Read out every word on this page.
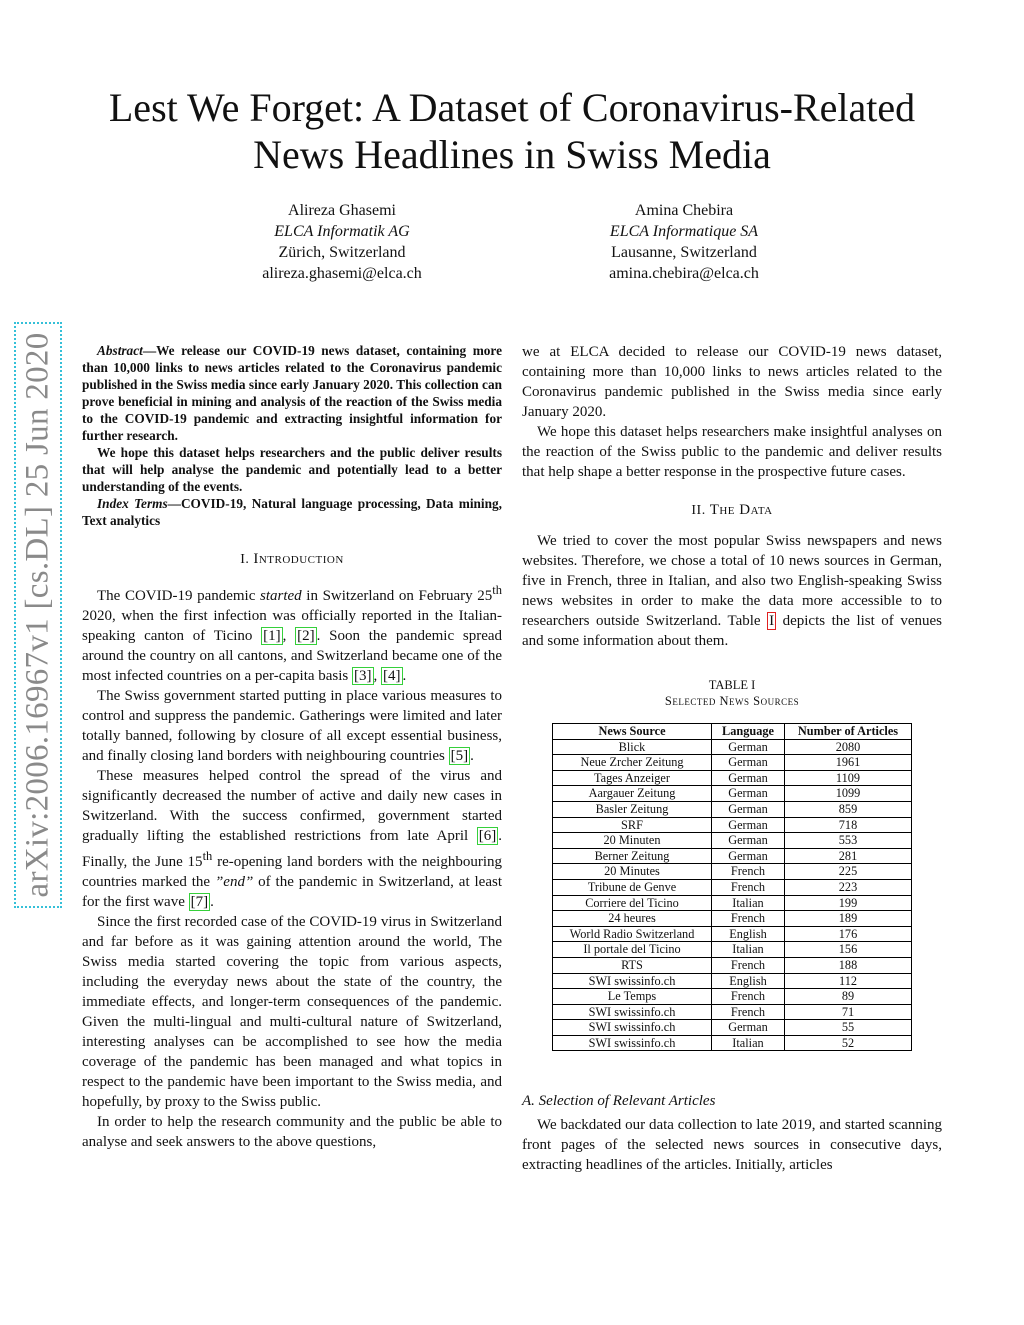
arXiv:2006.16967v1 [cs.DL] 25 Jun 2020
Lest We Forget: A Dataset of Coronavirus-Related
News Headlines in Swiss Media
Alireza Ghasemi
ELCA Informatik AG
Zürich, Switzerland
alireza.ghasemi@elca.ch
Amina Chebira
ELCA Informatique SA
Lausanne, Switzerland
amina.chebira@elca.ch

Abstract—We release our COVID-19 news dataset, containing more than 10,000 links to news articles related to the Coronavirus pandemic published in the Swiss media since early January 2020. This collection can prove beneficial in mining and analysis of the reaction of the Swiss media to the COVID-19 pandemic and extracting insightful information for further research.

We hope this dataset helps researchers and the public deliver results that will help analyse the pandemic and potentially lead to a better understanding of the events.

Index Terms—COVID-19, Natural language processing, Data mining, Text analytics

I. Introduction

The COVID-19 pandemic started in Switzerland on February 25th 2020, when the first infection was officially reported in the Italian-speaking canton of Ticino [1] , [2] . Soon the pandemic spread around the country on all cantons, and Switzerland became one of the most infected countries on a per-capita basis [3] , [4] .

The Swiss government started putting in place various measures to control and suppress the pandemic. Gatherings were limited and later totally banned, following by closure of all except essential business, and finally closing land borders with neighbouring countries [5] .

These measures helped control the spread of the virus and significantly decreased the number of active and daily new cases in Switzerland. With the success confirmed, government started gradually lifting the established restrictions from late April [6] . Finally, the June 15th re-opening land borders with the neighbouring countries marked the ”end” of the pandemic in Switzerland, at least for the first wave [7] .

Since the first recorded case of the COVID-19 virus in Switzerland and far before as it was gaining attention around the world, The Swiss media started covering the topic from various aspects, including the everyday news about the state of the country, the immediate effects, and longer-term consequences of the pandemic. Given the multi-lingual and multi-cultural nature of Switzerland, interesting analyses can be accomplished to see how the media coverage of the pandemic has been managed and what topics in respect to the pandemic have been important to the Swiss media, and hopefully, by proxy to the Swiss public.

In order to help the research community and the public be able to analyse and seek answers to the above questions,

we at ELCA decided to release our COVID-19 news dataset, containing more than 10,000 links to news articles related to the Coronavirus pandemic published in the Swiss media since early January 2020.

We hope this dataset helps researchers make insightful analyses on the reaction of the Swiss public to the pandemic and deliver results that help shape a better response in the prospective future cases.

II. The Data

We tried to cover the most popular Swiss newspapers and news websites. Therefore, we chose a total of 10 news sources in German, five in French, three in Italian, and also two English-speaking Swiss news websites in order to make the data more accessible to to researchers outside Switzerland. Table I depicts the list of venues and some information about them.

TABLE I
Selected News Sources
News Source	Language	Number of Articles
Blick	German	2080
Neue Zrcher Zeitung	German	1961
Tages Anzeiger	German	1109
Aargauer Zeitung	German	1099
Basler Zeitung	German	859
SRF	German	718
20 Minuten	German	553
Berner Zeitung	German	281
20 Minutes	French	225
Tribune de Genve	French	223
Corriere del Ticino	Italian	199
24 heures	French	189
World Radio Switzerland	English	176
Il portale del Ticino	Italian	156
RTS	French	188
SWI swissinfo.ch	English	112
Le Temps	French	89
SWI swissinfo.ch	French	71
SWI swissinfo.ch	German	55
SWI swissinfo.ch	Italian	52
A. Selection of Relevant Articles

We backdated our data collection to late 2019, and started scanning front pages of the selected news sources in consecutive days, extracting headlines of the articles. Initially, articles
